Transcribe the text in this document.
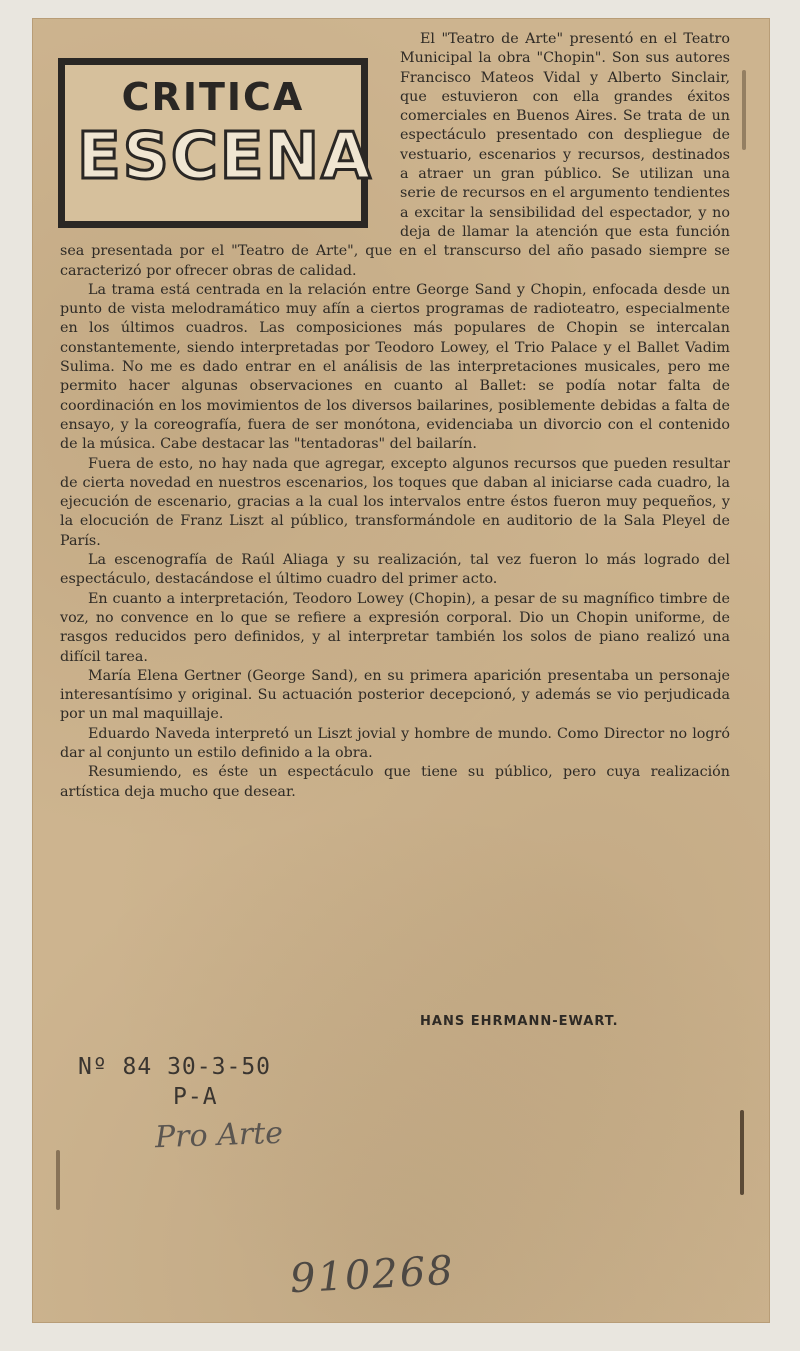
El "Teatro de Arte" presentó en el Teatro Municipal la obra "Chopin". Son sus autores Francisco Mateos Vidal y Alberto Sinclair, que estuvieron con ella grandes éxitos comerciales en Buenos Aires. Se trata de un espectáculo presentado con despliegue de vestuario, escenarios y recursos, destinados a atraer un gran público. Se utilizan una serie de recursos en el argumento tendientes a excitar la sensibilidad del espectador, y no deja de llamar la atención que esta función sea presentada por el "Teatro de Arte", que en el transcurso del año pasado siempre se caracterizó por ofrecer obras de calidad.

La trama está centrada en la relación entre George Sand y Chopin, enfocada desde un punto de vista melodramático muy afín a ciertos programas de radioteatro, especialmente en los últimos cuadros. Las composiciones más populares de Chopin se intercalan constantemente, siendo interpretadas por Teodoro Lowey, el Trio Palace y el Ballet Vadim Sulima. No me es dado entrar en el análisis de las interpretaciones musicales, pero me permito hacer algunas observaciones en cuanto al Ballet: se podía notar falta de coordinación en los movimientos de los diversos bailarines, posiblemente debidas a falta de ensayo, y la coreografía, fuera de ser monótona, evidenciaba un divorcio con el contenido de la música. Cabe destacar las "tentadoras" del bailarín.

Fuera de esto, no hay nada que agregar, excepto algunos recursos que pueden resultar de cierta novedad en nuestros escenarios, los toques que daban al iniciarse cada cuadro, la ejecución de escenario, gracias a la cual los intervalos entre éstos fueron muy pequeños, y la elocución de Franz Liszt al público, transformándole en auditorio de la Sala Pleyel de París.

La escenografía de Raúl Aliaga y su realización, tal vez fueron lo más logrado del espectáculo, destacándose el último cuadro del primer acto.

En cuanto a interpretación, Teodoro Lowey (Chopin), a pesar de su magnífico timbre de voz, no convence en lo que se refiere a expresión corporal. Dio un Chopin uniforme, de rasgos reducidos pero definidos, y al interpretar también los solos de piano realizó una difícil tarea.

María Elena Gertner (George Sand), en su primera aparición presentaba un personaje interesantísimo y original. Su actuación posterior decepcionó, y además se vio perjudicada por un mal maquillaje.

Eduardo Naveda interpretó un Liszt jovial y hombre de mundo. Como Director no logró dar al conjunto un estilo definido a la obra.

Resumiendo, es éste un espectáculo que tiene su público, pero cuya realización artística deja mucho que desear.

CRITICA
ESCENA
HANS EHRMANN-EWART.
Nº 84 30-3-50
P-A
Pro Arte
910268
